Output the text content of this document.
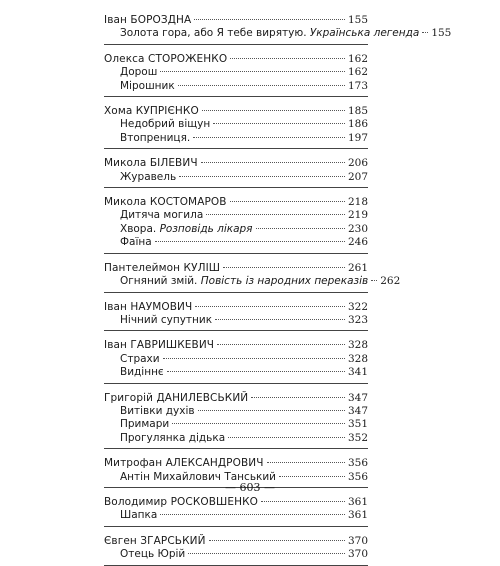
Іван БОРОЗДНА	155
Золота гора, або Я тебе вирятую. Українська легенда 155
Олекса СТОРОЖЕНКО	162
Дорош	162
Мірошник	173
Хома КУПРІЄНКО	185
Недобрий віщун	186
Втопрениця.	197
Микола БІЛЕВИЧ	206
Журавель	207
Микола КОСТОМАРОВ	218
Дитяча могила	219
Хвора. Розповідь лікаря	230
Фаїна	246
Пантелеймон КУЛІШ	261
Огняний змій. Повість із народних переказів 262
Іван НАУМОВИЧ	322
Нічний супутник	323
Іван ГАВРИШКЕВИЧ	328
Страхи	328
Видіннє	341
Григорій ДАНИЛЕВСЬКИЙ	347
Витівки духів	347
Примари	351
Прогулянка дідька	352
Митрофан АЛЕКСАНДРОВИЧ	356
Антін Михайлович Танський	356
Володимир РОСКОВШЕНКО	361
Шапка	361
Євген ЗГАРСЬКИЙ	370
Отець Юрій	370
— 603 —
